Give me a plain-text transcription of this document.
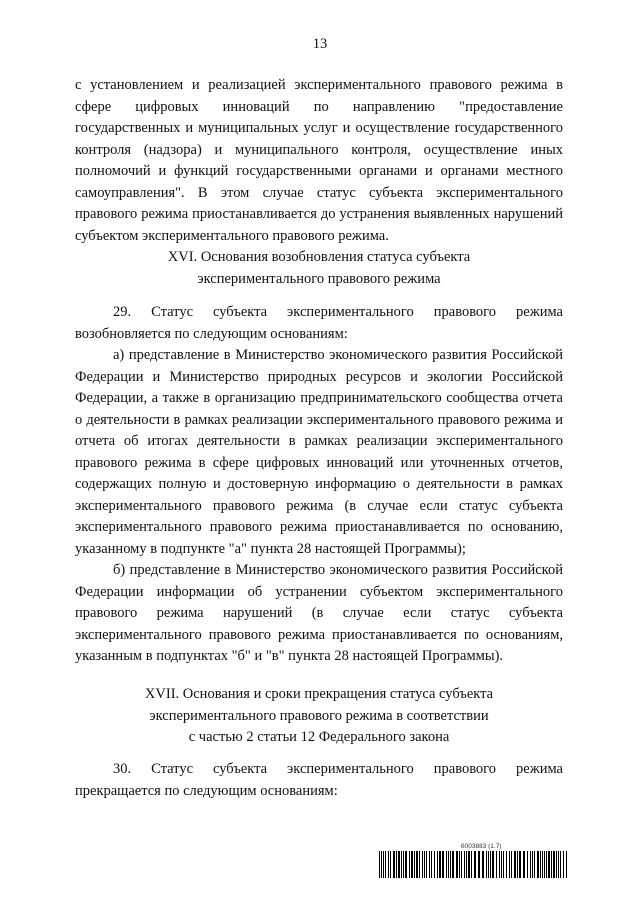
13

с установлением и реализацией экспериментального правового режима в сфере цифровых инноваций по направлению "предоставление государственных и муниципальных услуг и осуществление государственного контроля (надзора) и муниципального контроля, осуществление иных полномочий и функций государственными органами и органами местного самоуправления". В этом случае статус субъекта экспериментального правового режима приостанавливается до устранения выявленных нарушений субъектом экспериментального правового режима.

XVI. Основания возобновления статуса субъекта
экспериментального правового режима

29. Статус субъекта экспериментального правового режима возобновляется по следующим основаниям:

а) представление в Министерство экономического развития Российской Федерации и Министерство природных ресурсов и экологии Российской Федерации, а также в организацию предпринимательского сообщества отчета о деятельности в рамках реализации экспериментального правового режима и отчета об итогах деятельности в рамках реализации экспериментального правового режима в сфере цифровых инноваций или уточненных отчетов, содержащих полную и достоверную информацию о деятельности в рамках экспериментального правового режима (в случае если статус субъекта экспериментального правового режима приостанавливается по основанию, указанному в подпункте "а" пункта 28 настоящей Программы);

б) представление в Министерство экономического развития Российской Федерации информации об устранении субъектом экспериментального правового режима нарушений (в случае если статус субъекта экспериментального правового режима приостанавливается по основаниям, указанным в подпунктах "б" и "в" пункта 28 настоящей Программы).

XVII. Основания и сроки прекращения статуса субъекта
экспериментального правового режима в соответствии
с частью 2 статьи 12 Федерального закона

30. Статус субъекта экспериментального правового режима прекращается по следующим основаниям:

6003883 (1.7)
